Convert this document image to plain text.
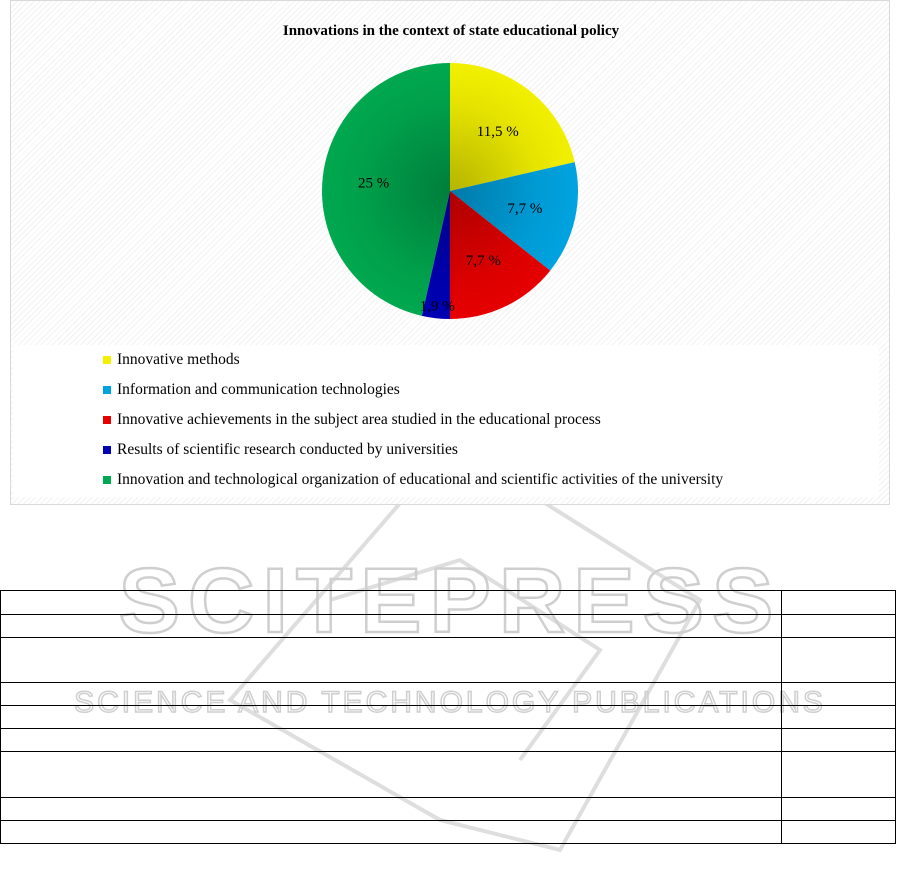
SCITEPRESS
SCIENCE AND TECHNOLOGY PUBLICATIONS
Innovations in the context of state educational policy
11,5 %
7,7 %
7,7 %
1,9 %
25 %
Innovative methods
Information and communication technologies
Innovative achievements in the subject area studied in the educational process
Results of scientific research conducted by universities
Innovation and technological organization of educational and scientific activities of the university
